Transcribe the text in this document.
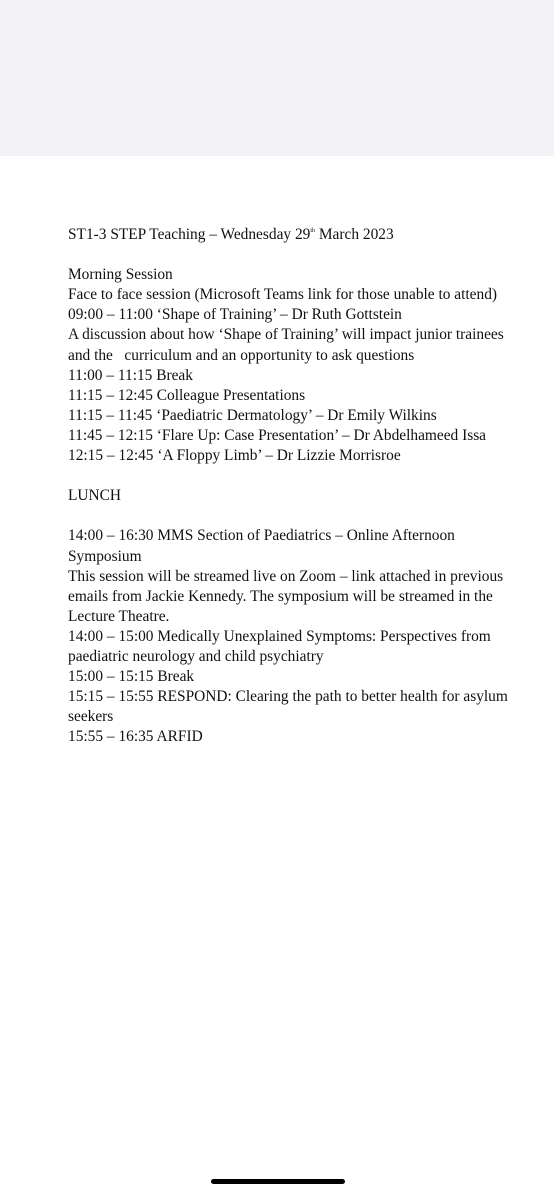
ST1-3 STEP Teaching – Wednesday 29th March 2023
Morning Session
Face to face session (Microsoft Teams link for those unable to attend)
09:00 – 11:00 ‘Shape of Training’ – Dr Ruth Gottstein
A discussion about how ‘Shape of Training’ will impact junior trainees and the   curriculum and an opportunity to ask questions
11:00 – 11:15 Break
11:15 – 12:45 Colleague Presentations
11:15 – 11:45 ‘Paediatric Dermatology’ – Dr Emily Wilkins
11:45 – 12:15 ‘Flare Up: Case Presentation’ – Dr Abdelhameed Issa
12:15 – 12:45 ‘A Floppy Limb’ – Dr Lizzie Morrisroe
LUNCH
14:00 – 16:30 MMS Section of Paediatrics – Online Afternoon Symposium
This session will be streamed live on Zoom – link attached in previous emails from Jackie Kennedy. The symposium will be streamed in the Lecture Theatre.
14:00 – 15:00 Medically Unexplained Symptoms: Perspectives from paediatric neurology and child psychiatry
15:00 – 15:15 Break
15:15 – 15:55 RESPOND: Clearing the path to better health for asylum seekers
15:55 – 16:35 ARFID
